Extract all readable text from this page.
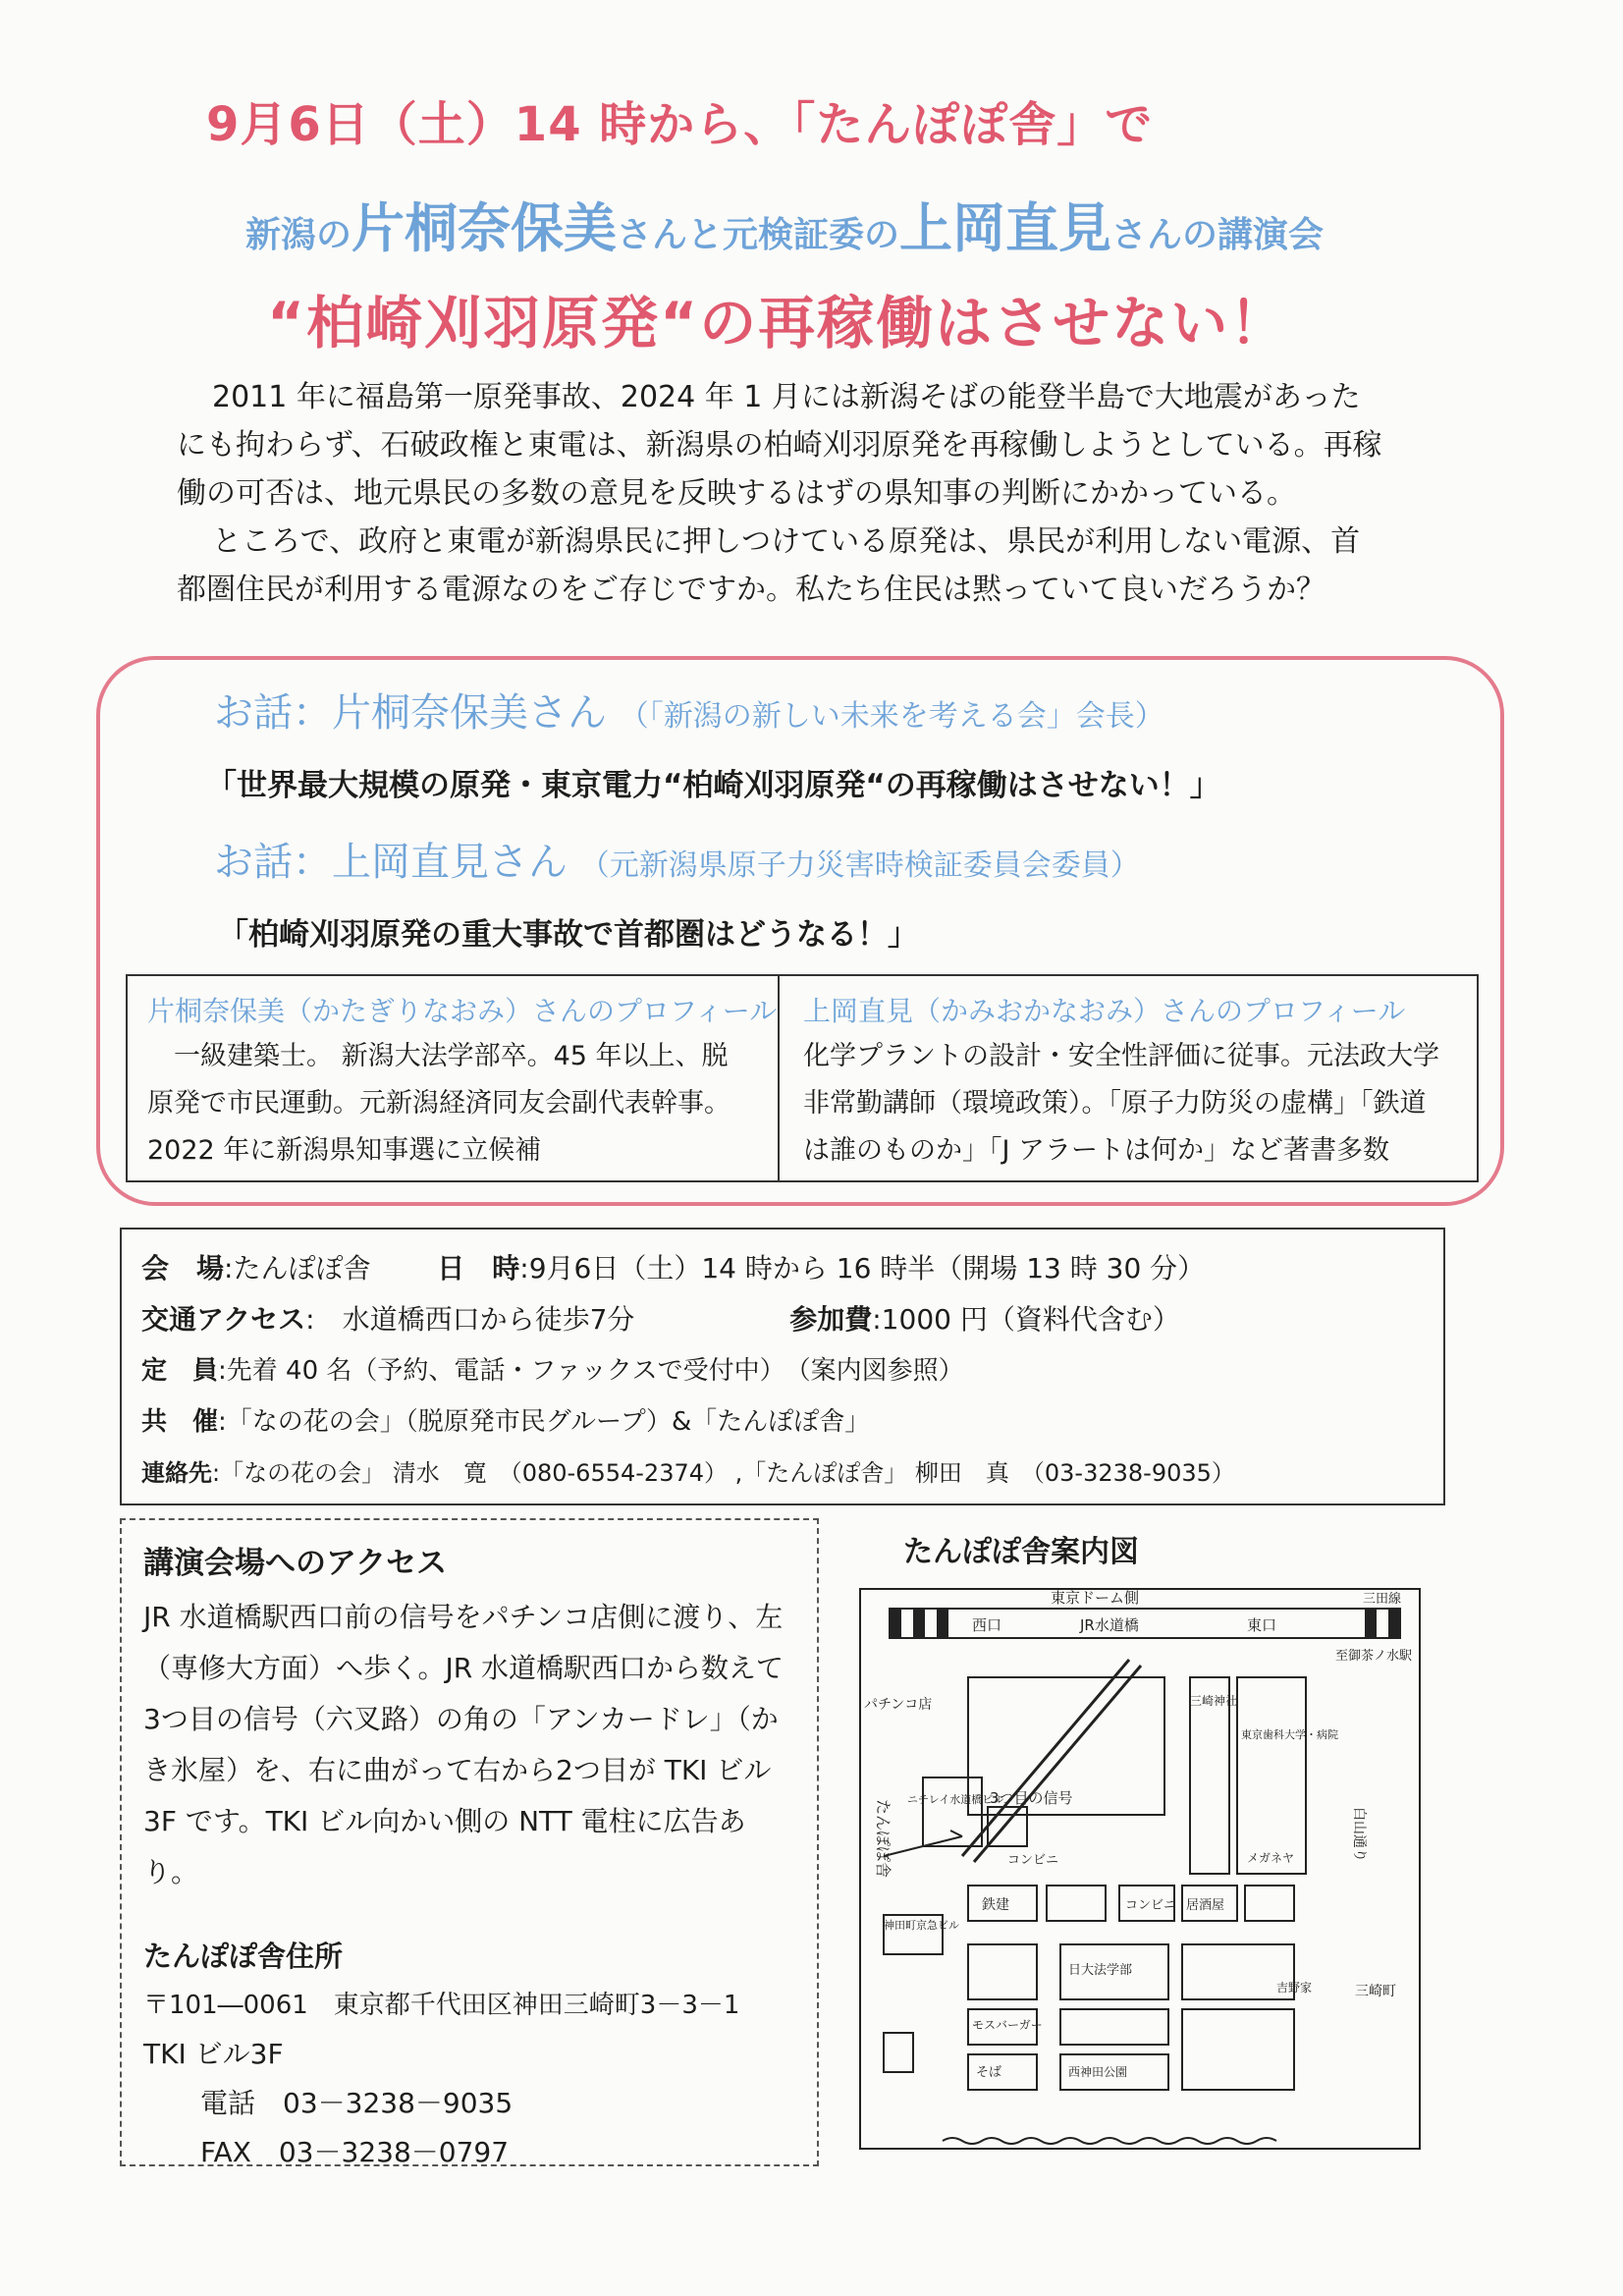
9月6日（土）14 時から、「たんぽぽ舎」で
新潟の片桐奈保美さんと元検証委の上岡直見さんの講演会
“柏崎刈羽原発“の再稼働はさせない！

2011 年に福島第一原発事故、2024 年 1 月には新潟そばの能登半島で大地震があった

にも拘わらず、石破政権と東電は、新潟県の柏崎刈羽原発を再稼働しようとしている。再稼

働の可否は、地元県民の多数の意見を反映するはずの県知事の判断にかかっている。

ところで、政府と東電が新潟県民に押しつけている原発は、県民が利用しない電源、首

都圏住民が利用する電源なのをご存じですか。私たち住民は黙っていて良いだろうか？

お話：片桐奈保美さん （「新潟の新しい未来を考える会」会長）
「世界最大規模の原発・東京電力“柏崎刈羽原発“の再稼働はさせない！」
お話：上岡直見さん （元新潟県原子力災害時検証委員会委員）
「柏崎刈羽原発の重大事故で首都圏はどうなる！」
片桐奈保美（かたぎりなおみ）さんのプロフィール

　一級建築士。 新潟大法学部卒。45 年以上、脱
原発で市民運動。元新潟経済同友会副代表幹事。
2022 年に新潟県知事選に立候補

上岡直見（かみおかなおみ）さんのプロフィール

化学プラントの設計・安全性評価に従事。元法政大学
非常勤講師（環境政策）。「原子力防災の虚構」「鉄道
は誰のものか」「J アラートは何か」など著書多数

会　場:たんぽぽ舎 日　時:9月6日（土）14 時から 16 時半（開場 13 時 30 分）
交通アクセス:　水道橋西口から徒歩7分	参加費:1000 円（資料代含む）
定　員:先着 40 名（予約、電話・ファックスで受付中）　（案内図参照）
共　催:「なの花の会」（脱原発市民グループ）&「たんぽぽ舎」
連絡先:「なの花の会」 清水　寛　（080-6554-2374） ,「たんぽぽ舎」 柳田　真　（03-3238-9035）
講演会場へのアクセス

JR 水道橋駅西口前の信号をパチンコ店側に渡り、左（専修大方面）へ歩く。JR 水道橋駅西口から数えて3つ目の信号（六叉路）の角の「アンカードレ」（かき氷屋）を、右に曲がって右から2つ目が TKI ビル3F です。TKI ビル向かい側の NTT 電柱に広告あり。

たんぽぽ舎住所
〒101―0061　東京都千代田区神田三崎町3－3－1
TKI ビル3F
電話　03－3238－9035
FAX　03－3238－0797
たんぽぽ舎案内図
東京ドーム側
西口	JR水道橋	東口
三田線
至御茶ノ水駅
パチンコ店	三崎神社
東京歯科大学・病院
白山通り
3つ目の信号
ニチレイ水道橋ビル
たんぽぽ舎	コンビニ
鉄建	コンビニ 居酒屋
メガネヤ
神田町京急ビル
日大法学部
吉野家	三崎町
モスバーガー
そば	西神田公園
